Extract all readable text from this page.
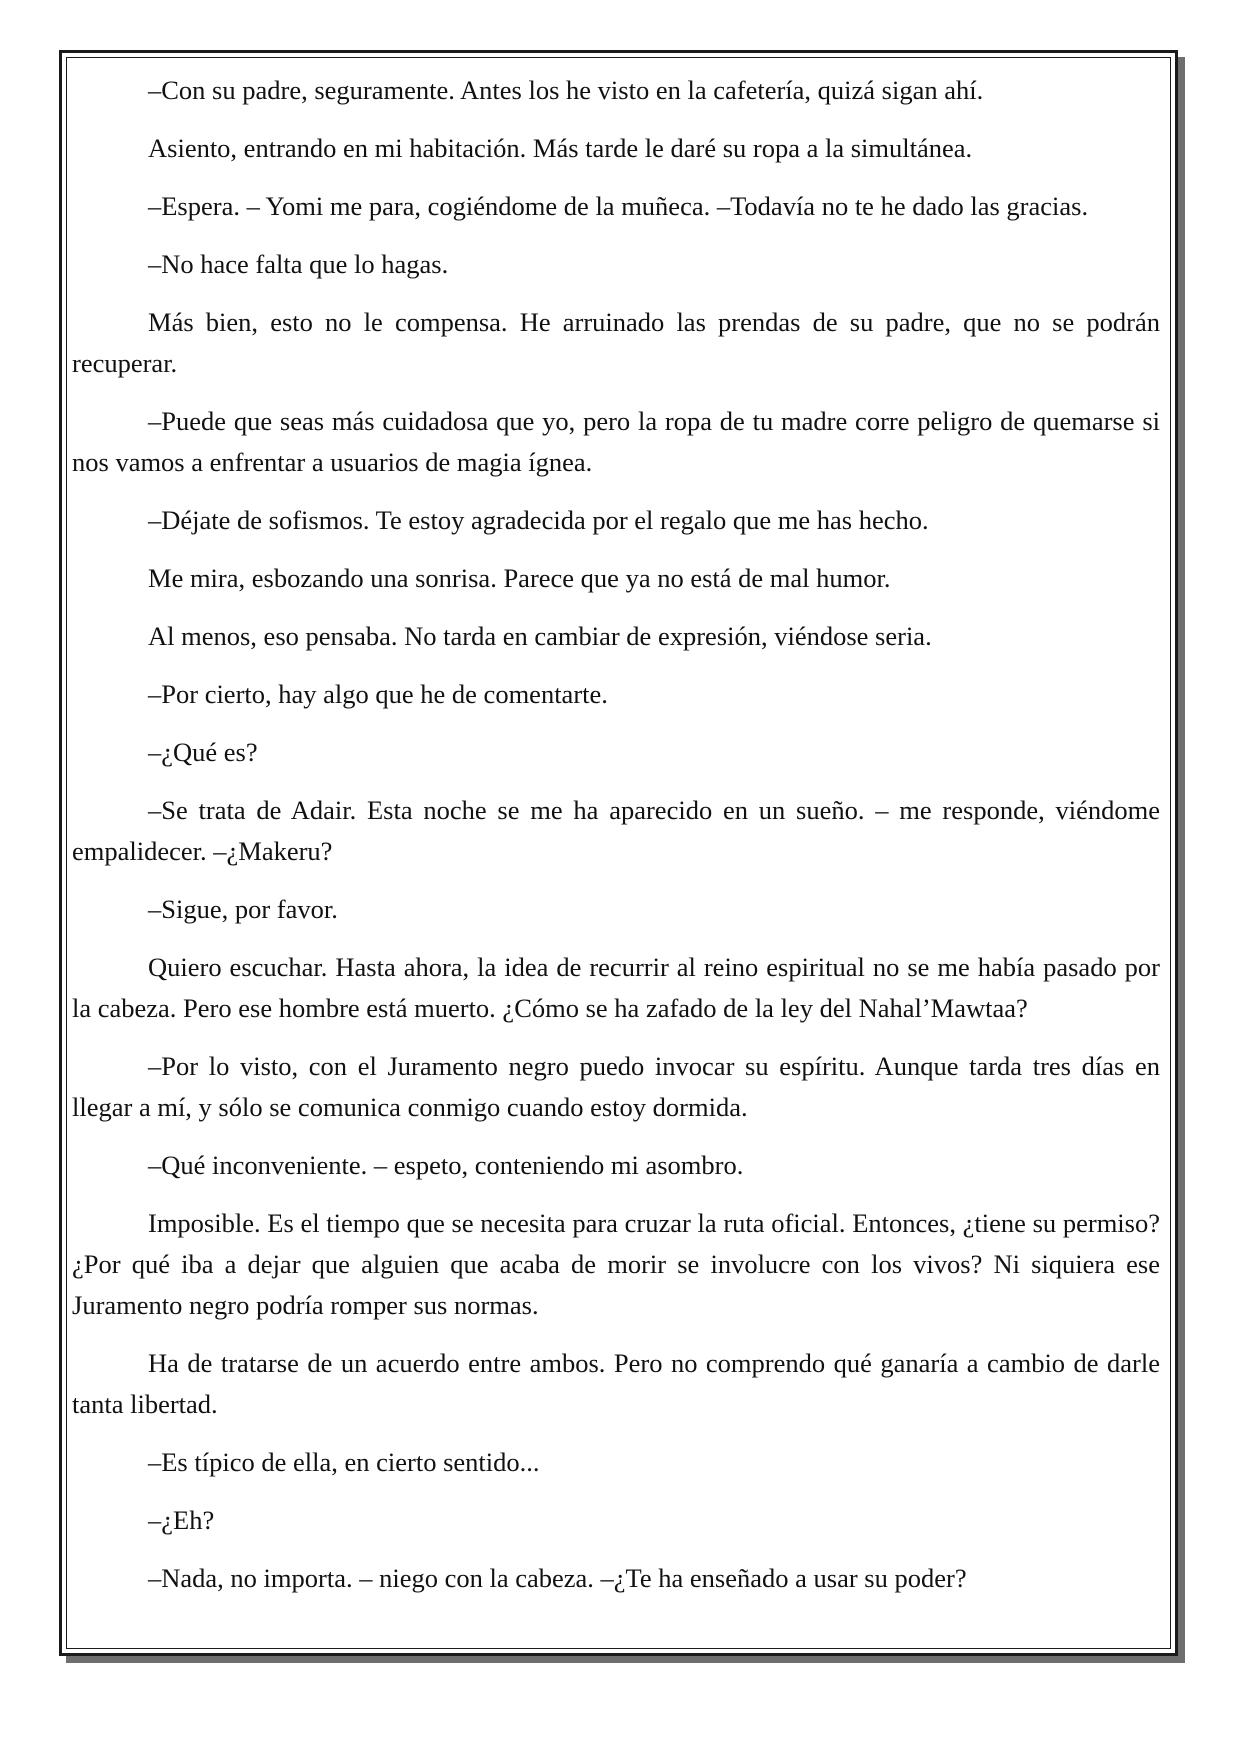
–Con su padre, seguramente. Antes los he visto en la cafetería, quizá sigan ahí.

Asiento, entrando en mi habitación. Más tarde le daré su ropa a la simultánea.

–Espera. – Yomi me para, cogiéndome de la muñeca. –Todavía no te he dado las gracias.

–No hace falta que lo hagas.

Más bien, esto no le compensa. He arruinado las prendas de su padre, que no se podrán recuperar.

–Puede que seas más cuidadosa que yo, pero la ropa de tu madre corre peligro de quemarse si nos vamos a enfrentar a usuarios de magia ígnea.

–Déjate de sofismos. Te estoy agradecida por el regalo que me has hecho.

Me mira, esbozando una sonrisa. Parece que ya no está de mal humor.

Al menos, eso pensaba. No tarda en cambiar de expresión, viéndose seria.

–Por cierto, hay algo que he de comentarte.

–¿Qué es?

–Se trata de Adair. Esta noche se me ha aparecido en un sueño. – me responde, viéndome empalidecer. –¿Makeru?

–Sigue, por favor.

Quiero escuchar. Hasta ahora, la idea de recurrir al reino espiritual no se me había pasado por la cabeza. Pero ese hombre está muerto. ¿Cómo se ha zafado de la ley del Nahal’Mawtaa?

–Por lo visto, con el Juramento negro puedo invocar su espíritu. Aunque tarda tres días en llegar a mí, y sólo se comunica conmigo cuando estoy dormida.

–Qué inconveniente. – espeto, conteniendo mi asombro.

Imposible. Es el tiempo que se necesita para cruzar la ruta oficial. Entonces, ¿tiene su permiso? ¿Por qué iba a dejar que alguien que acaba de morir se involucre con los vivos? Ni siquiera ese Juramento negro podría romper sus normas.

Ha de tratarse de un acuerdo entre ambos. Pero no comprendo qué ganaría a cambio de darle tanta libertad.

–Es típico de ella, en cierto sentido...

–¿Eh?

–Nada, no importa. – niego con la cabeza. –¿Te ha enseñado a usar su poder?
